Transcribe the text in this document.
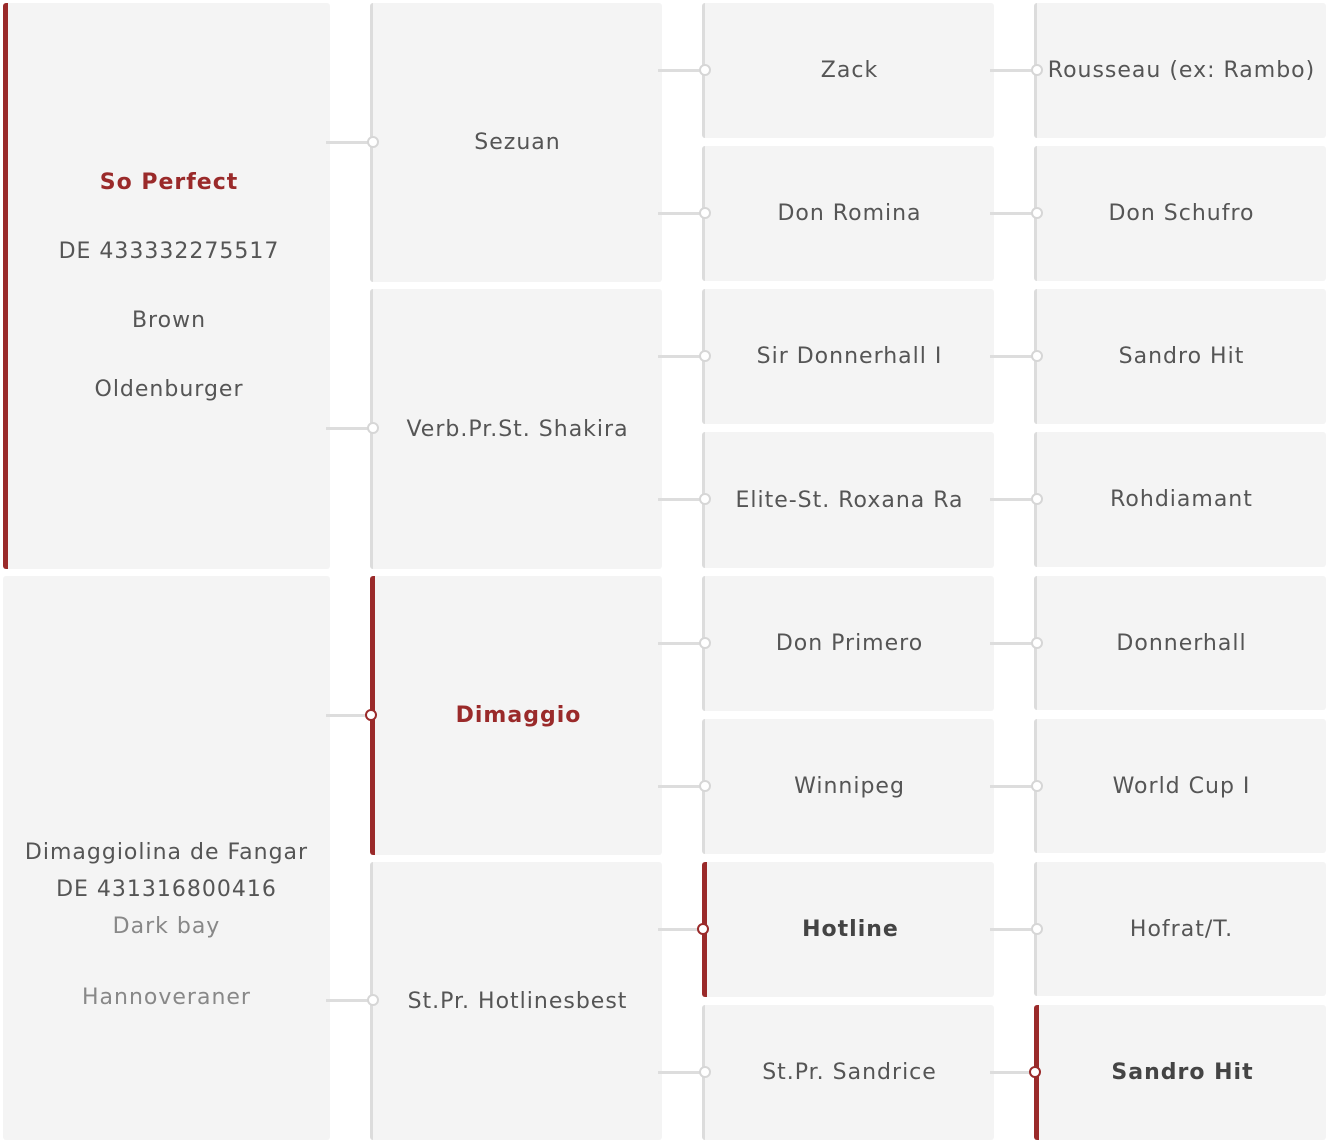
So Perfect
DE 433332275517
Brown
Oldenburger
Dimaggiolina de Fangar
DE 431316800416
Dark bay
Hannoveraner
Sezuan
Verb.Pr.St. Shakira
Dimaggio
St.Pr. Hotlinesbest
Zack
Don Romina
Sir Donnerhall I
Elite-St. Roxana Ra
Don Primero
Winnipeg
Hotline
St.Pr. Sandrice
Rousseau (ex: Rambo)
Don Schufro
Sandro Hit
Rohdiamant
Donnerhall
World Cup I
Hofrat/T.
Sandro Hit
